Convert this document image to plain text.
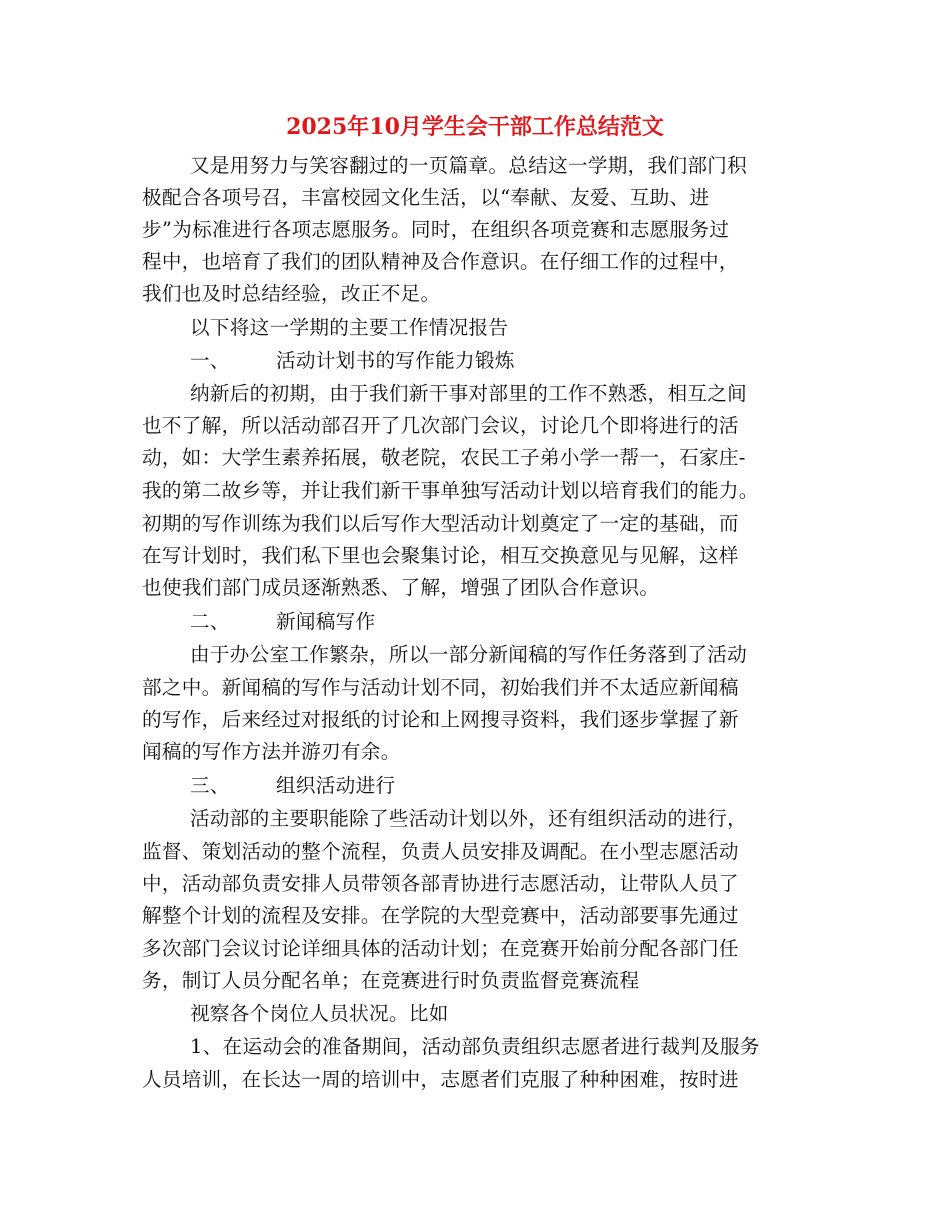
2025年10月学生会干部工作总结范文
又是用努力与笑容翻过的一页篇章。总结这一学期，我们部门积
极配合各项号召，丰富校园文化生活，以“奉献、友爱、互助、进
步”为标准进行各项志愿服务。同时，在组织各项竞赛和志愿服务过
程中，也培育了我们的团队精神及合作意识。在仔细工作的过程中，
我们也及时总结经验，改正不足。
以下将这一学期的主要工作情况报告
一、 活动计划书的写作能力锻炼
纳新后的初期，由于我们新干事对部里的工作不熟悉，相互之间
也不了解，所以活动部召开了几次部门会议，讨论几个即将进行的活
动，如：大学生素养拓展，敬老院，农民工子弟小学一帮一，石家庄-
我的第二故乡等，并让我们新干事单独写活动计划以培育我们的能力。
初期的写作训练为我们以后写作大型活动计划奠定了一定的基础，而
在写计划时，我们私下里也会聚集讨论，相互交换意见与见解，这样
也使我们部门成员逐渐熟悉、了解，增强了团队合作意识。
二、 新闻稿写作
由于办公室工作繁杂，所以一部分新闻稿的写作任务落到了活动
部之中。新闻稿的写作与活动计划不同，初始我们并不太适应新闻稿
的写作，后来经过对报纸的讨论和上网搜寻资料，我们逐步掌握了新
闻稿的写作方法并游刃有余。
三、 组织活动进行
活动部的主要职能除了些活动计划以外，还有组织活动的进行，
监督、策划活动的整个流程，负责人员安排及调配。在小型志愿活动
中，活动部负责安排人员带领各部青协进行志愿活动，让带队人员了
解整个计划的流程及安排。在学院的大型竞赛中，活动部要事先通过
多次部门会议讨论详细具体的活动计划；在竞赛开始前分配各部门任
务，制订人员分配名单；在竞赛进行时负责监督竞赛流程
视察各个岗位人员状况。比如
1、在运动会的准备期间，活动部负责组织志愿者进行裁判及服务
人员培训，在长达一周的培训中，志愿者们克服了种种困难，按时进
